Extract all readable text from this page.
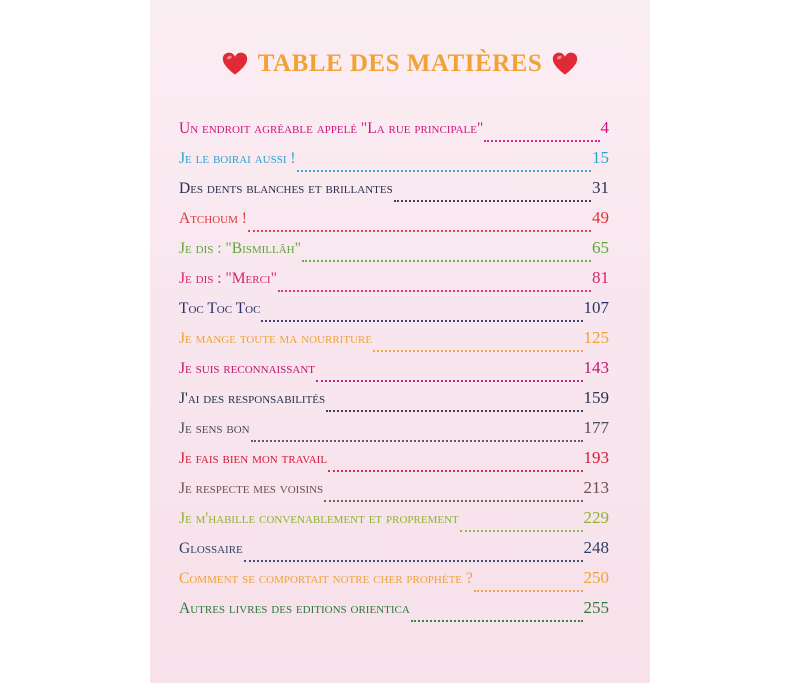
TABLE DES MATIÈRES
Un endroit agréable appelé "La rue principale"	4
Je le boirai aussi !	15
Des dents blanches et brillantes	31
Atchoum !	49
Je dis : "Bismillâh"	65
Je dis : "Merci"	81
Toc Toc Toc	107
Je mange toute ma nourriture	125
Je suis reconnaissant	143
J'ai des responsabilités	159
Je sens bon	177
Je fais bien mon travail	193
Je respecte mes voisins	213
Je m'habille convenablement et proprement	229
Glossaire	248
Comment se comportait notre cher prophète ?	250
Autres livres des editions orientica	255
